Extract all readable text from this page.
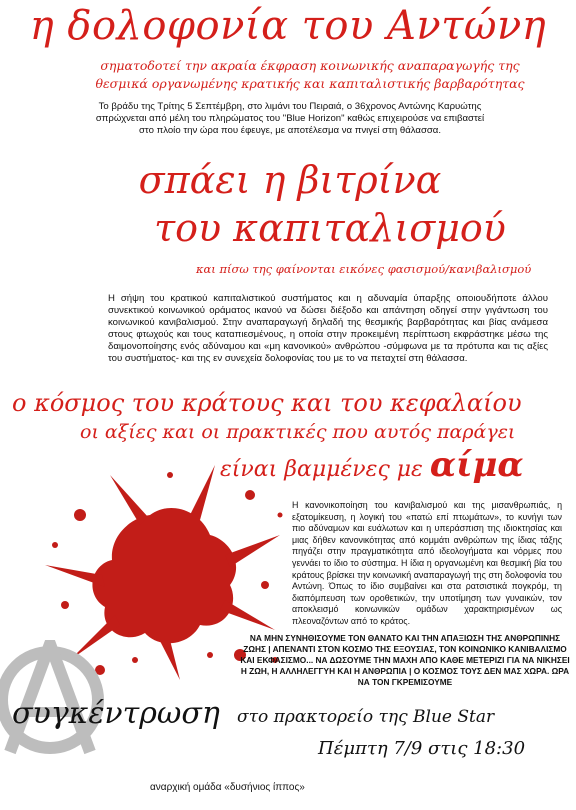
η δολοφονία του Αντώνη
σηματοδοτεί την ακραία έκφραση κοινωνικής αναπαραγωγής της
θεσμικά οργανωμένης κρατικής και καπιταλιστικής βαρβαρότητας
Το βράδυ της Τρίτης 5 Σεπτέμβρη, στο λιμάνι του Πειραιά, ο 36χρονος Αντώνης Καρυώτης σπρώχνεται από μέλη του πληρώματος του "Blue Horizon" καθώς επιχειρούσε να επιβαστεί στο πλοίο την ώρα που έφευγε, με αποτέλεσμα να πνιγεί στη θάλασσα.
σπάει η βιτρίνα
του καπιταλισμού
και πίσω της φαίνονται εικόνες φασισμού/κανιβαλισμού
Η σήψη του κρατικού καπιταλιστικού συστήματος και η αδυναμία ύπαρξης οποιουδήποτε άλλου συνεκτικού κοινωνικού οράματος ικανού να δώσει διέξοδο και απάντηση οδηγεί στην γιγάντωση του κοινωνικού κανιβαλισμού. Στην αναπαραγωγή δηλαδή της θεσμικής βαρβαρότητας και βίας ανάμεσα στους φτωχούς και τους καταπιεσμένους, η οποία στην προκειμένη περίπτωση εκφράστηκε μέσω της δαιμονοποίησης ενός αδύναμου και «μη κανονικού» ανθρώπου -σύμφωνα με τα πρότυπα και τις αξίες του συστήματος- και της εν συνεχεία δολοφονίας του με το να πεταχτεί στη θάλασσα.
ο κόσμος του κράτους και του κεφαλαίου
οι αξίες και οι πρακτικές που αυτός παράγει
είναι βαμμένες με αίμα
Η κανονικοποίηση του κανιβαλισμού και της μισανθρωπιάς, η εξατομίκευση, η λογική του «πατώ επί πτωμάτων», το κυνήγι των πιο αδύναμων και ευάλωτων και η υπεράσπιση της ιδιοκτησίας και μιας δήθεν κανονικότητας από κομμάτι ανθρώπων της ίδιας τάξης πηγάζει στην πραγματικότητα από ιδεολογήματα και νόρμες που γεννάει το ίδιο το σύστημα. Η ίδια η οργανωμένη και θεσμική βία του κράτους βρίσκει την κοινωνική αναπαραγωγή της στη δολοφονία του Αντώνη. Όπως το ίδιο συμβαίνει και στα ρατσιστικά πογκρόμ, τη διαπόμπευση των οροθετικών, την υποτίμηση των γυναικών, τον αποκλεισμό κοινωνικών ομάδων χαρακτηρισμένων ως πλεοναζόντων από το κράτος.
ΝΑ ΜΗΝ ΣΥΝΗΘΙΣΟΥΜΕ ΤΟΝ ΘΑΝΑΤΟ ΚΑΙ ΤΗΝ ΑΠΑΞΙΩΣΗ ΤΗΣ ΑΝΘΡΩΠΙΝΗΣ ΖΩΗΣ | ΑΠΕΝΑΝΤΙ ΣΤΟΝ ΚΟΣΜΟ ΤΗΣ ΕΞΟΥΣΙΑΣ, ΤΟΝ ΚΟΙΝΩΝΙΚΟ ΚΑΝΙΒΑΛΙΣΜΟ ΚΑΙ ΕΚΦΑΣΙΣΜΟ... ΝΑ ΔΩΣΟΥΜΕ ΤΗΝ ΜΑΧΗ ΑΠΟ ΚΑΘΕ ΜΕΤΕΡΙΖΙ ΓΙΑ ΝΑ ΝΙΚΗΣΕΙ Η ΖΩΗ, Η ΑΛΛΗΛΕΓΓΥΗ ΚΑΙ Η ΑΝΘΡΩΠΙΑ | Ο ΚΟΣΜΟΣ ΤΟΥΣ ΔΕΝ ΜΑΣ ΧΩΡΑ. ΩΡΑ ΝΑ ΤΟΝ ΓΚΡΕΜΙΣΟΥΜΕ
συγκέντρωση στο πρακτορείο της Blue Star
Πέμπτη 7/9 στις 18:30
αναρχική ομάδα «δυσήνιος ίππος»
